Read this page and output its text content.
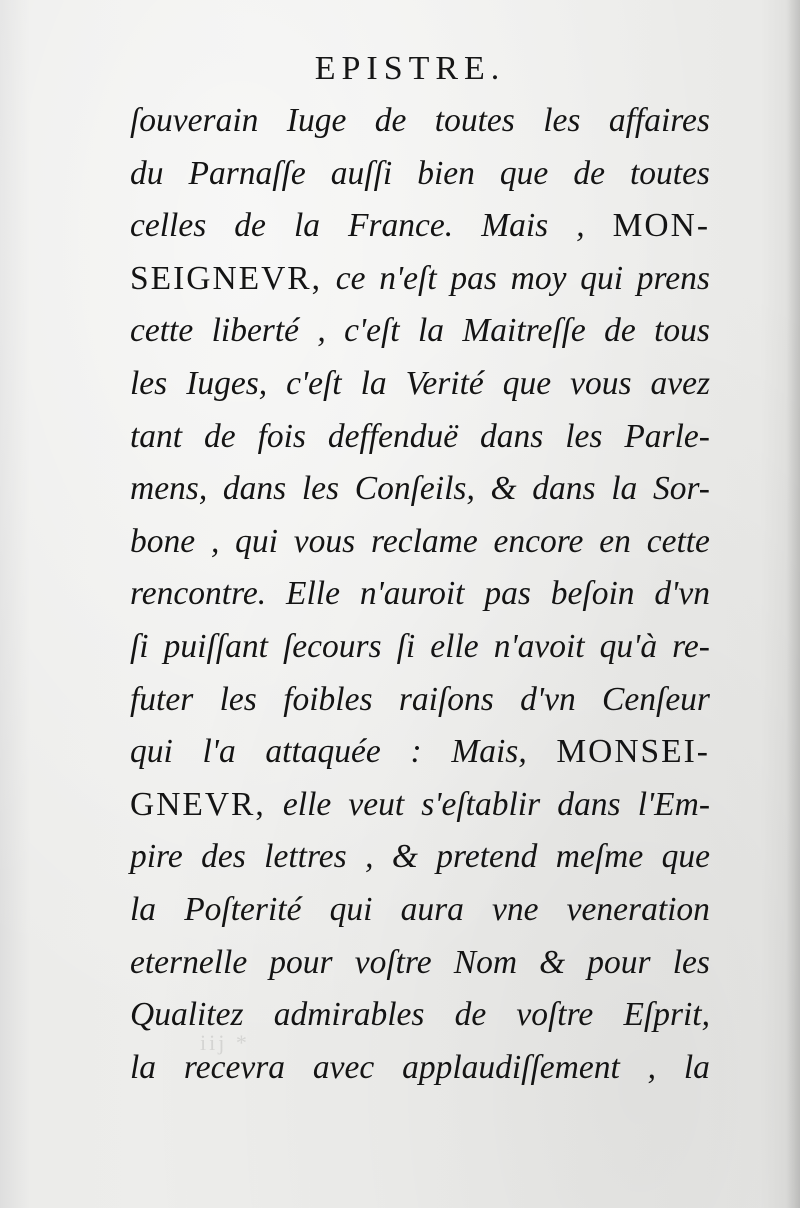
EPISTRE.
ſouverain Iuge de toutes les affaires
du Parnaſſe auſſi bien que de toutes
celles de la France. Mais , MON-
SEIGNEVR, ce n'eſt pas moy qui prens
cette liberté , c'eſt la Maitreſſe de tous
les Iuges, c'eſt la Verité que vous avez
tant de fois deffenduë dans les Parle-
mens, dans les Conſeils, & dans la Sor-
bone , qui vous reclame encore en cette
rencontre. Elle n'auroit pas beſoin d'vn
ſi puiſſant ſecours ſi elle n'avoit qu'à re-
futer les foibles raiſons d'vn Cenſeur
qui l'a attaquée : Mais, MONSEI-
GNEVR, elle veut s'eſtablir dans l'Em-
pire des lettres , & pretend meſme que
la Poſterité qui aura vne veneration
eternelle pour voſtre Nom & pour les
Qualitez admirables de voſtre Eſprit,
la recevra avec applaudiſſement , la
iij *
